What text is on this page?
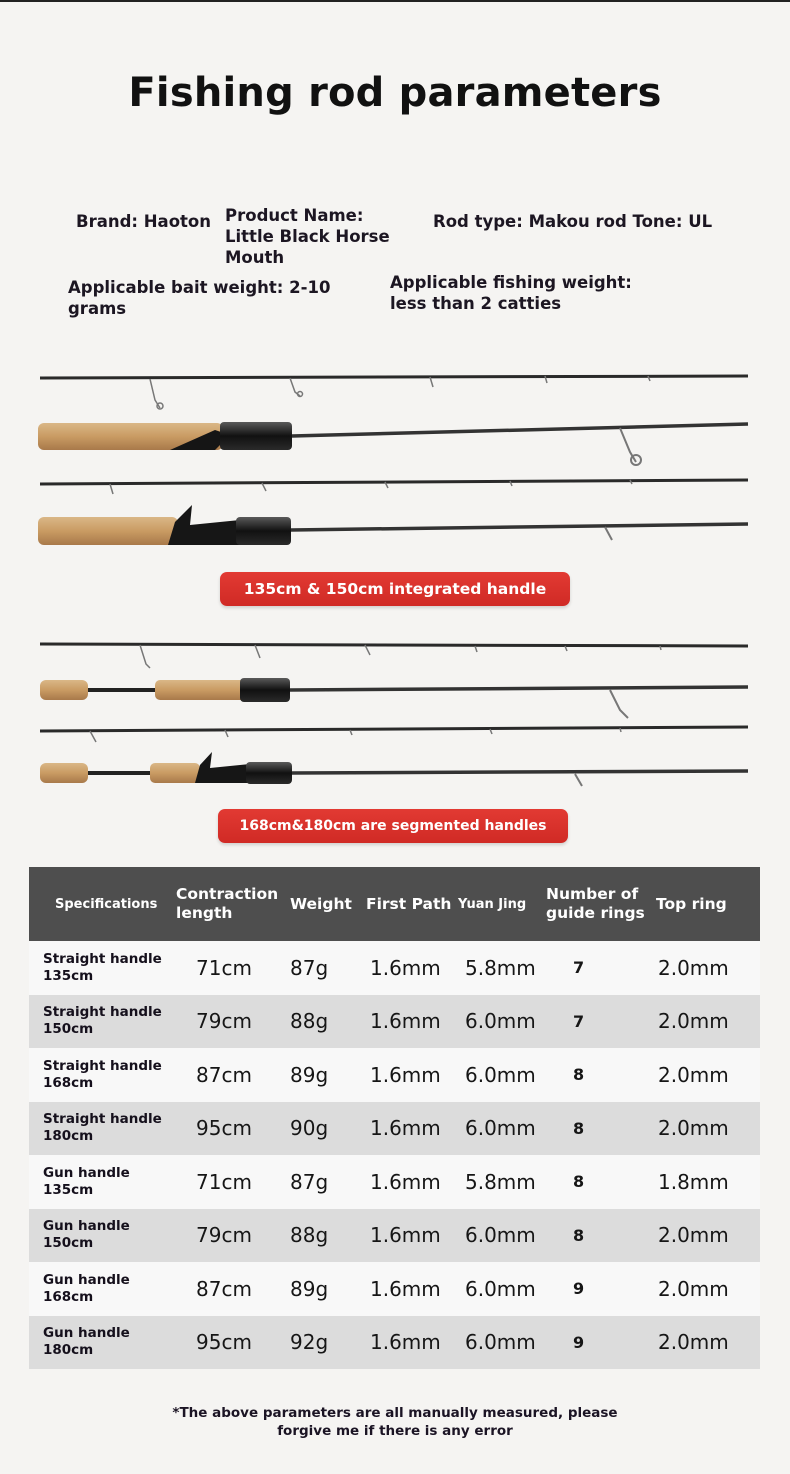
Fishing rod parameters
Brand: Haoton Product Name: Little Black Horse Mouth
Rod type: Makou rod Tone: UL
Applicable bait weight: 2-10 grams
Applicable fishing weight: less than 2 catties
135cm & 150cm integrated handle
168cm&180cm are segmented handles
Specifications	Contraction length	Weight	First Path	Yuan Jing	Number of guide rings	Top ring
Straight handle 135cm	71cm	87g	1.6mm	5.8mm	7	2.0mm
Straight handle 150cm	79cm	88g	1.6mm	6.0mm	7	2.0mm
Straight handle 168cm	87cm	89g	1.6mm	6.0mm	8	2.0mm
Straight handle 180cm	95cm	90g	1.6mm	6.0mm	8	2.0mm
Gun handle 135cm	71cm	87g	1.6mm	5.8mm	8	1.8mm
Gun handle 150cm	79cm	88g	1.6mm	6.0mm	8	2.0mm
Gun handle 168cm	87cm	89g	1.6mm	6.0mm	9	2.0mm
Gun handle 180cm	95cm	92g	1.6mm	6.0mm	9	2.0mm
*The above parameters are all manually measured, please forgive me if there is any error
